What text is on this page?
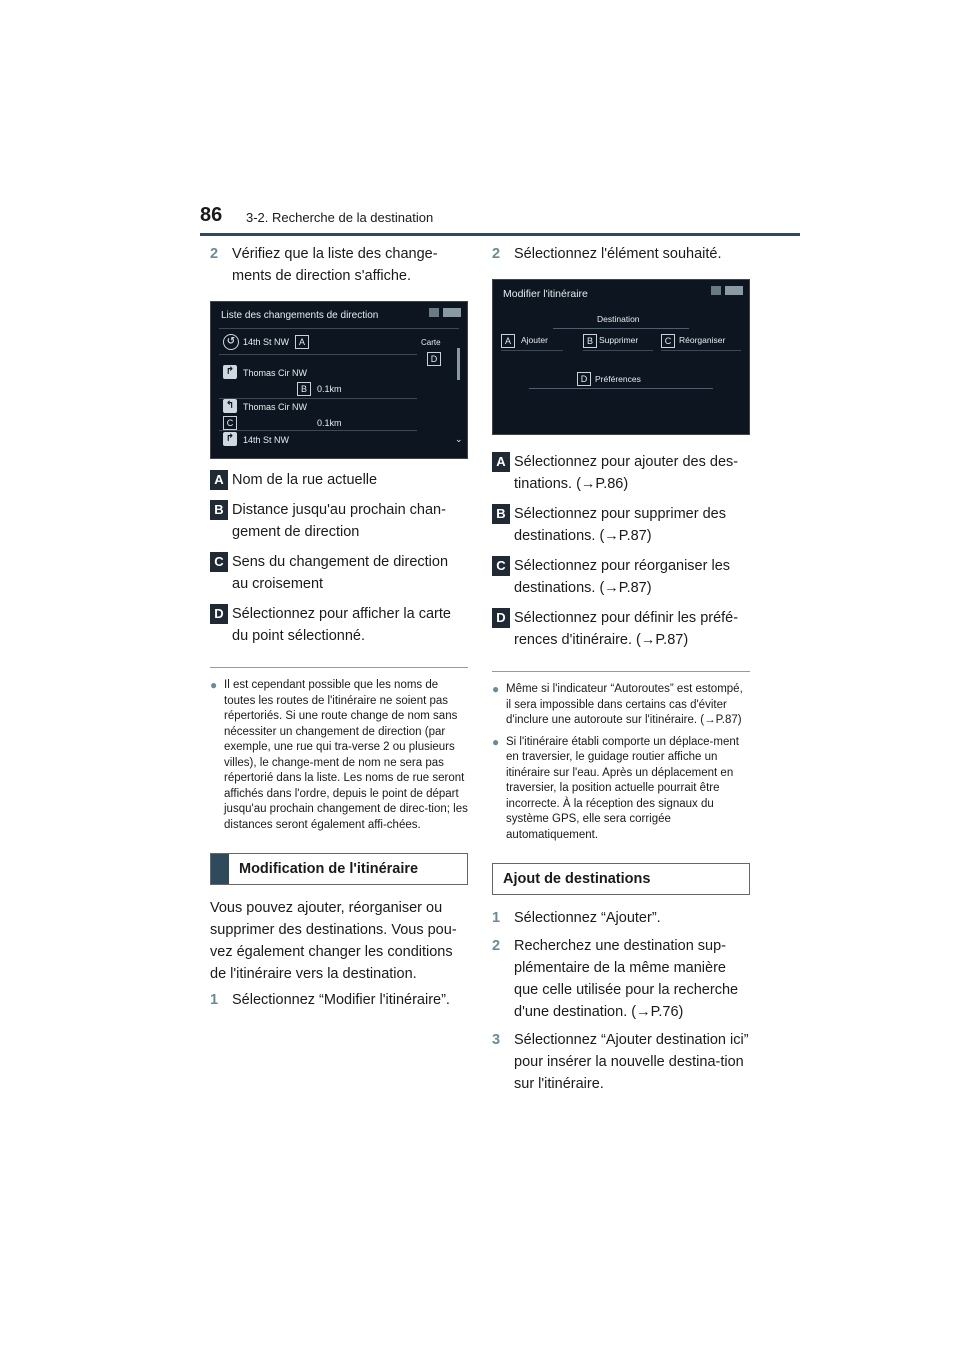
86 3-2. Recherche de la destination
2 Vérifiez que la liste des change-ments de direction s'affiche.
Liste des changements de direction
↺ 14th St NW	A	Carte
D
↱ Thomas Cir NW
B	0.1km
↰ Thomas Cir NW
C	0.1km
↱ 14th St NW	⌄
A Nom de la rue actuelle
B Distance jusqu'au prochain chan-gement de direction
C Sens du changement de direction au croisement
D Sélectionnez pour afficher la carte du point sélectionné.
● Il est cependant possible que les noms de toutes les routes de l'itinéraire ne soient pas répertoriés. Si une route change de nom sans nécessiter un changement de direction (par exemple, une rue qui tra-verse 2 ou plusieurs villes), le change-ment de nom ne sera pas répertorié dans la liste. Les noms de rue seront affichés dans l'ordre, depuis le point de départ jusqu'au prochain changement de direc-tion; les distances seront également affi-chées.
Modification de l'itinéraire
Vous pouvez ajouter, réorganiser ou supprimer des destinations. Vous pou-vez également changer les conditions de l'itinéraire vers la destination.
1 Sélectionnez “Modifier l'itinéraire”.
2 Sélectionnez l'élément souhaité.
Modifier l'itinéraire
Destination
A	Ajouter	B Supprimer	C Réorganiser
D Préférences
A Sélectionnez pour ajouter des des-tinations. (→P.86)
B Sélectionnez pour supprimer des destinations. (→P.87)
C Sélectionnez pour réorganiser les destinations. (→P.87)
D Sélectionnez pour définir les préfé-rences d'itinéraire. (→P.87)
● Même si l'indicateur “Autoroutes” est estompé, il sera impossible dans certains cas d'éviter d'inclure une autoroute sur l'itinéraire. (→P.87)
● Si l'itinéraire établi comporte un déplace-ment en traversier, le guidage routier affiche un itinéraire sur l'eau. Après un déplacement en traversier, la position actuelle pourrait être incorrecte. À la réception des signaux du système GPS, elle sera corrigée automatiquement.
Ajout de destinations
1 Sélectionnez “Ajouter”.
2 Recherchez une destination sup-plémentaire de la même manière que celle utilisée pour la recherche d'une destination. (→P.76)
3 Sélectionnez “Ajouter destination ici” pour insérer la nouvelle destina-tion sur l'itinéraire.
